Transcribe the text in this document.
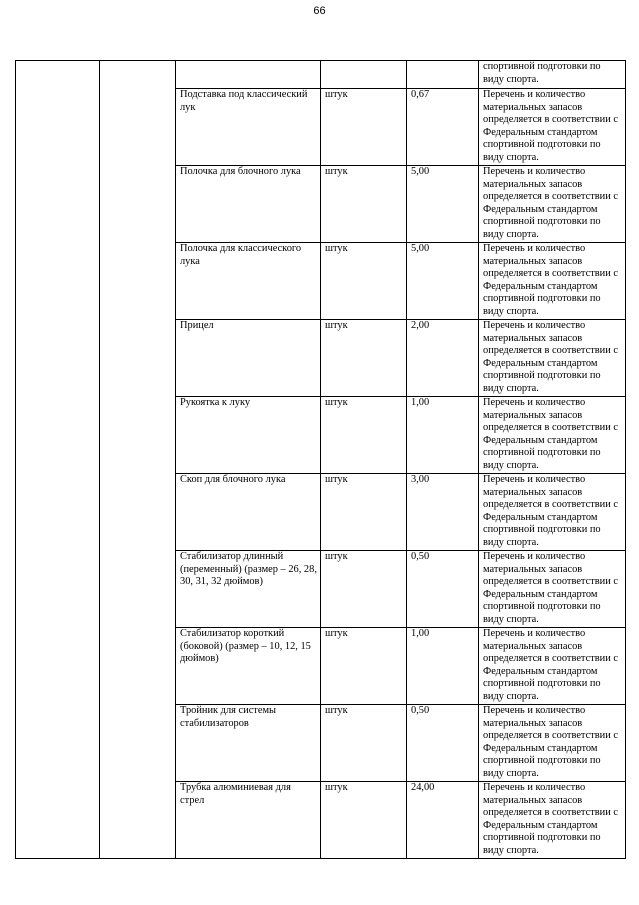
66
					спортивной подготовки по виду спорта.
		Подставка под классический лук	штук	0,67	Перечень и количество материальных запасов определяется в соответствии с Федеральным стандартом спортивной подготовки по виду спорта.
		Полочка для блочного лука	штук	5,00	Перечень и количество материальных запасов определяется в соответствии с Федеральным стандартом спортивной подготовки по виду спорта.
		Полочка для классического лука	штук	5,00	Перечень и количество материальных запасов определяется в соответствии с Федеральным стандартом спортивной подготовки по виду спорта.
		Прицел	штук	2,00	Перечень и количество материальных запасов определяется в соответствии с Федеральным стандартом спортивной подготовки по виду спорта.
		Рукоятка к луку	штук	1,00	Перечень и количество материальных запасов определяется в соответствии с Федеральным стандартом спортивной подготовки по виду спорта.
		Скоп для блочного лука	штук	3,00	Перечень и количество материальных запасов определяется в соответствии с Федеральным стандартом спортивной подготовки по виду спорта.
		Стабилизатор длинный (переменный) (размер – 26, 28, 30, 31, 32 дюймов)	штук	0,50	Перечень и количество материальных запасов определяется в соответствии с Федеральным стандартом спортивной подготовки по виду спорта.
		Стабилизатор короткий (боковой) (размер – 10, 12, 15 дюймов)	штук	1,00	Перечень и количество материальных запасов определяется в соответствии с Федеральным стандартом спортивной подготовки по виду спорта.
		Тройник для системы стабилизаторов	штук	0,50	Перечень и количество материальных запасов определяется в соответствии с Федеральным стандартом спортивной подготовки по виду спорта.
		Трубка алюминиевая для стрел	штук	24,00	Перечень и количество материальных запасов определяется в соответствии с Федеральным стандартом спортивной подготовки по виду спорта.
